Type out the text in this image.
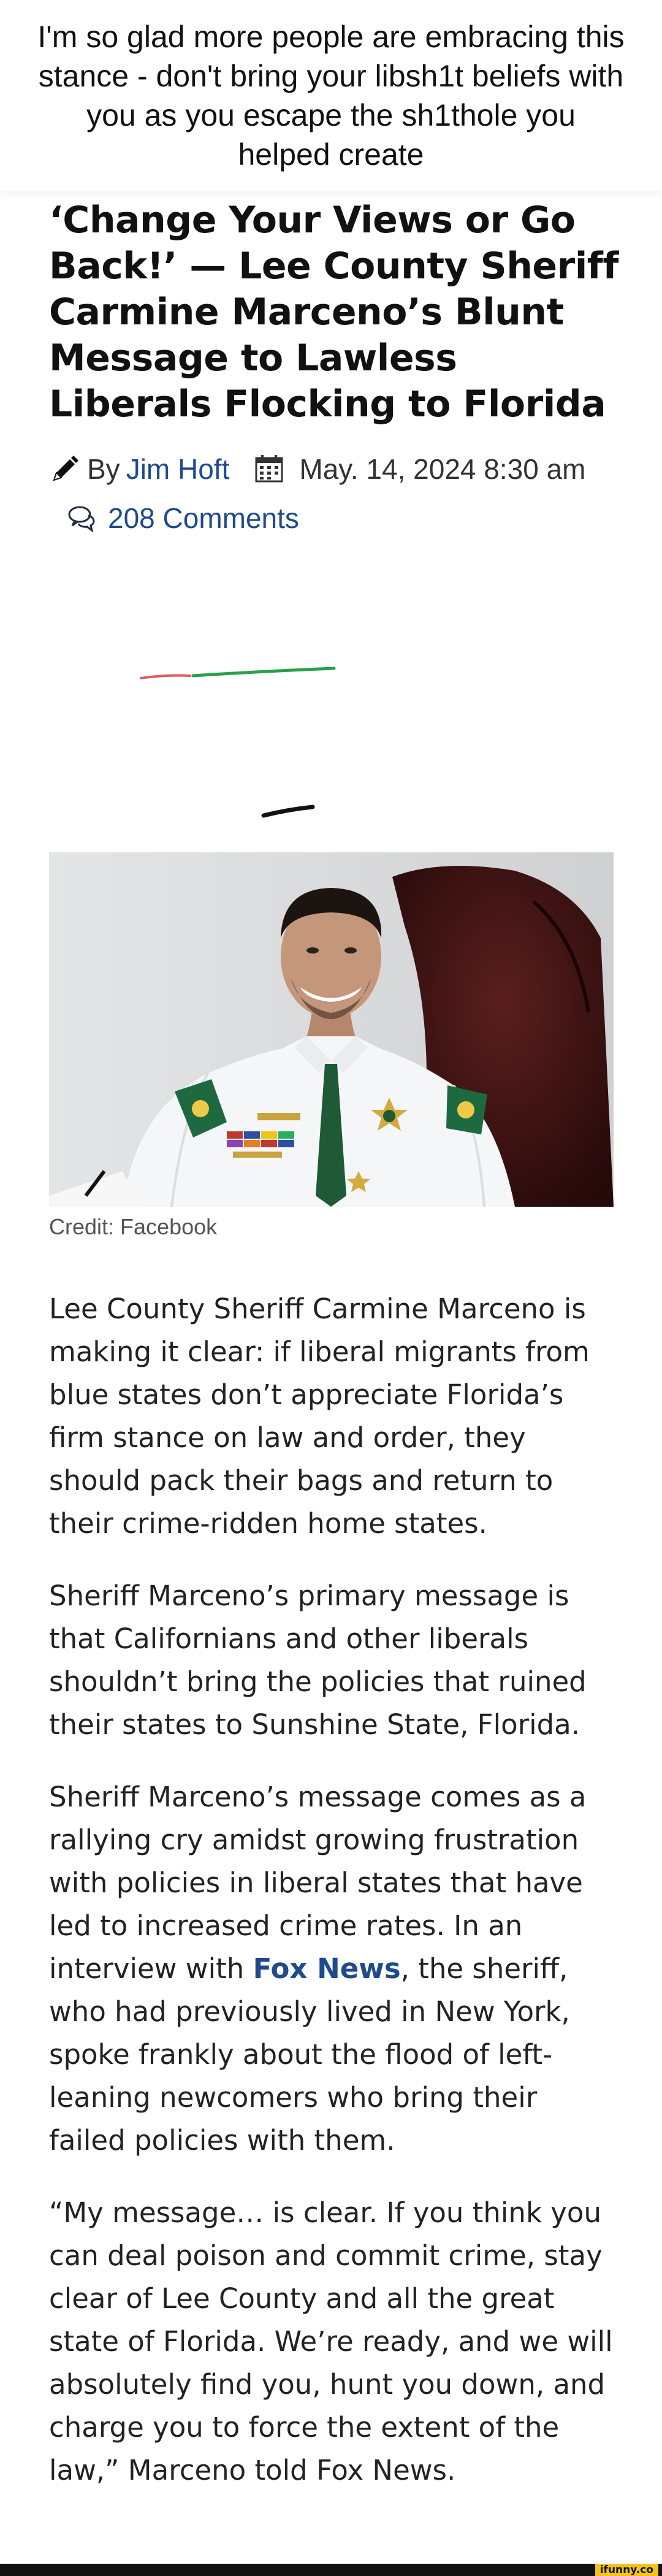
I'm so glad more people are embracing this stance - don't bring your libsh1t beliefs with you as you escape the sh1thole you helped create
‘Change Your Views or Go Back!’ — Lee County Sheriff Carmine Marceno’s Blunt Message to Lawless Liberals Flocking to Florida
By Jim Hoft May. 14, 2024 8:30 am
208 Comments
Credit: Facebook

Lee County Sheriff Carmine Marceno is making it clear: if liberal migrants from blue states don’t appreciate Florida’s firm stance on law and order, they should pack their bags and return to their crime-ridden home states.

Sheriff Marceno’s primary message is that Californians and other liberals shouldn’t bring the policies that ruined their states to Sunshine State, Florida.

Sheriff Marceno’s message comes as a rallying cry amidst growing frustration with policies in liberal states that have led to increased crime rates. In an interview with Fox News, the sheriff, who had previously lived in New York, spoke frankly about the flood of left-leaning newcomers who bring their failed policies with them.

“My message… is clear. If you think you can deal poison and commit crime, stay clear of Lee County and all the great state of Florida. We’re ready, and we will absolutely find you, hunt you down, and charge you to force the extent of the law,” Marceno told Fox News.

ifunny.co
